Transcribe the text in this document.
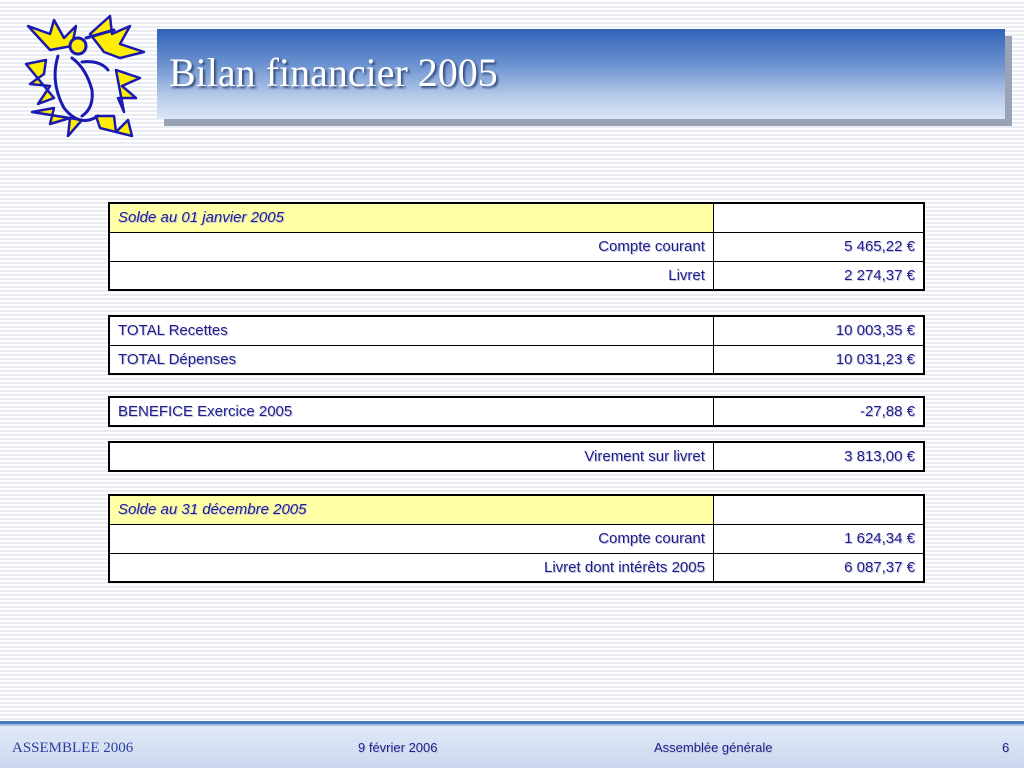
Bilan financier 2005
Solde au 01 janvier 2005	
Compte courant	5 465,22 €
Livret	2 274,37 €
TOTAL Recettes	10 003,35 €
TOTAL Dépenses	10 031,23 €
BENEFICE Exercice 2005	-27,88 €
Virement sur livret	3 813,00 €
Solde au 31 décembre 2005	
Compte courant	1 624,34 €
Livret dont intérêts 2005	6 087,37 €
ASSEMBLEE 2006	9 février 2006	Assemblée générale	6
